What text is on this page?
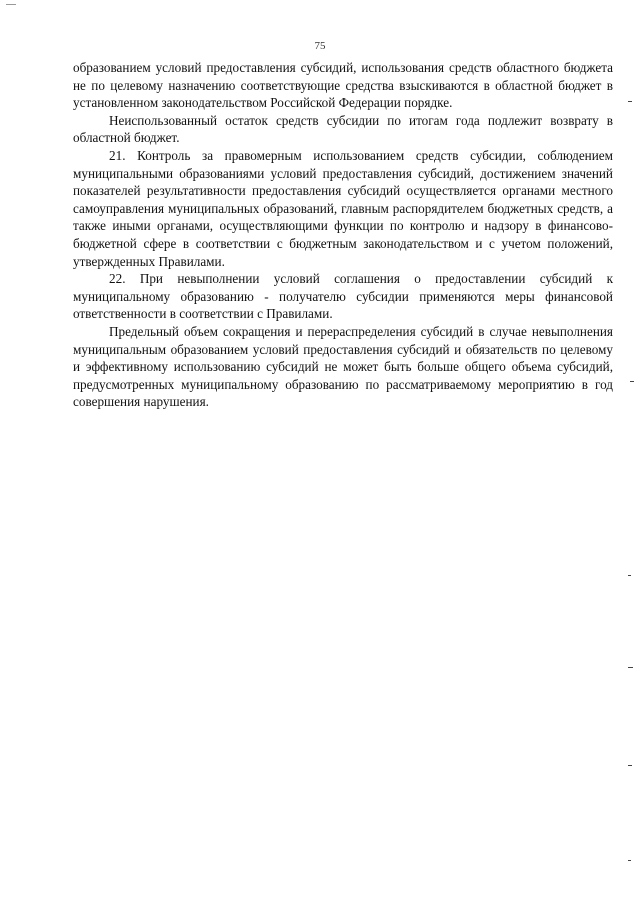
75

образованием условий предоставления субсидий, использования средств областного бюджета не по целевому назначению соответствующие средства взыскиваются в областной бюджет в установленном законодательством Российской Федерации порядке.

Неиспользованный остаток средств субсидии по итогам года подлежит возврату в областной бюджет.

21. Контроль за правомерным использованием средств субсидии, соблюдением муниципальными образованиями условий предоставления субсидий, достижением значений показателей результативности предоставления субсидий осуществляется органами местного самоуправления муниципальных образований, главным распорядителем бюджетных средств, а также иными органами, осуществляющими функции по контролю и надзору в финансово-бюджетной сфере в соответствии с бюджетным законодательством и с учетом положений, утвержденных Правилами.

22. При невыполнении условий соглашения о предоставлении субсидий к муниципальному образованию - получателю субсидии применяются меры финансовой ответственности в соответствии с Правилами.

Предельный объем сокращения и перераспределения субсидий в случае невыполнения муниципальным образованием условий предоставления субсидий и обязательств по целевому и эффективному использованию субсидий не может быть больше общего объема субсидий, предусмотренных муниципальному образованию по рассматриваемому мероприятию в год совершения нарушения.
